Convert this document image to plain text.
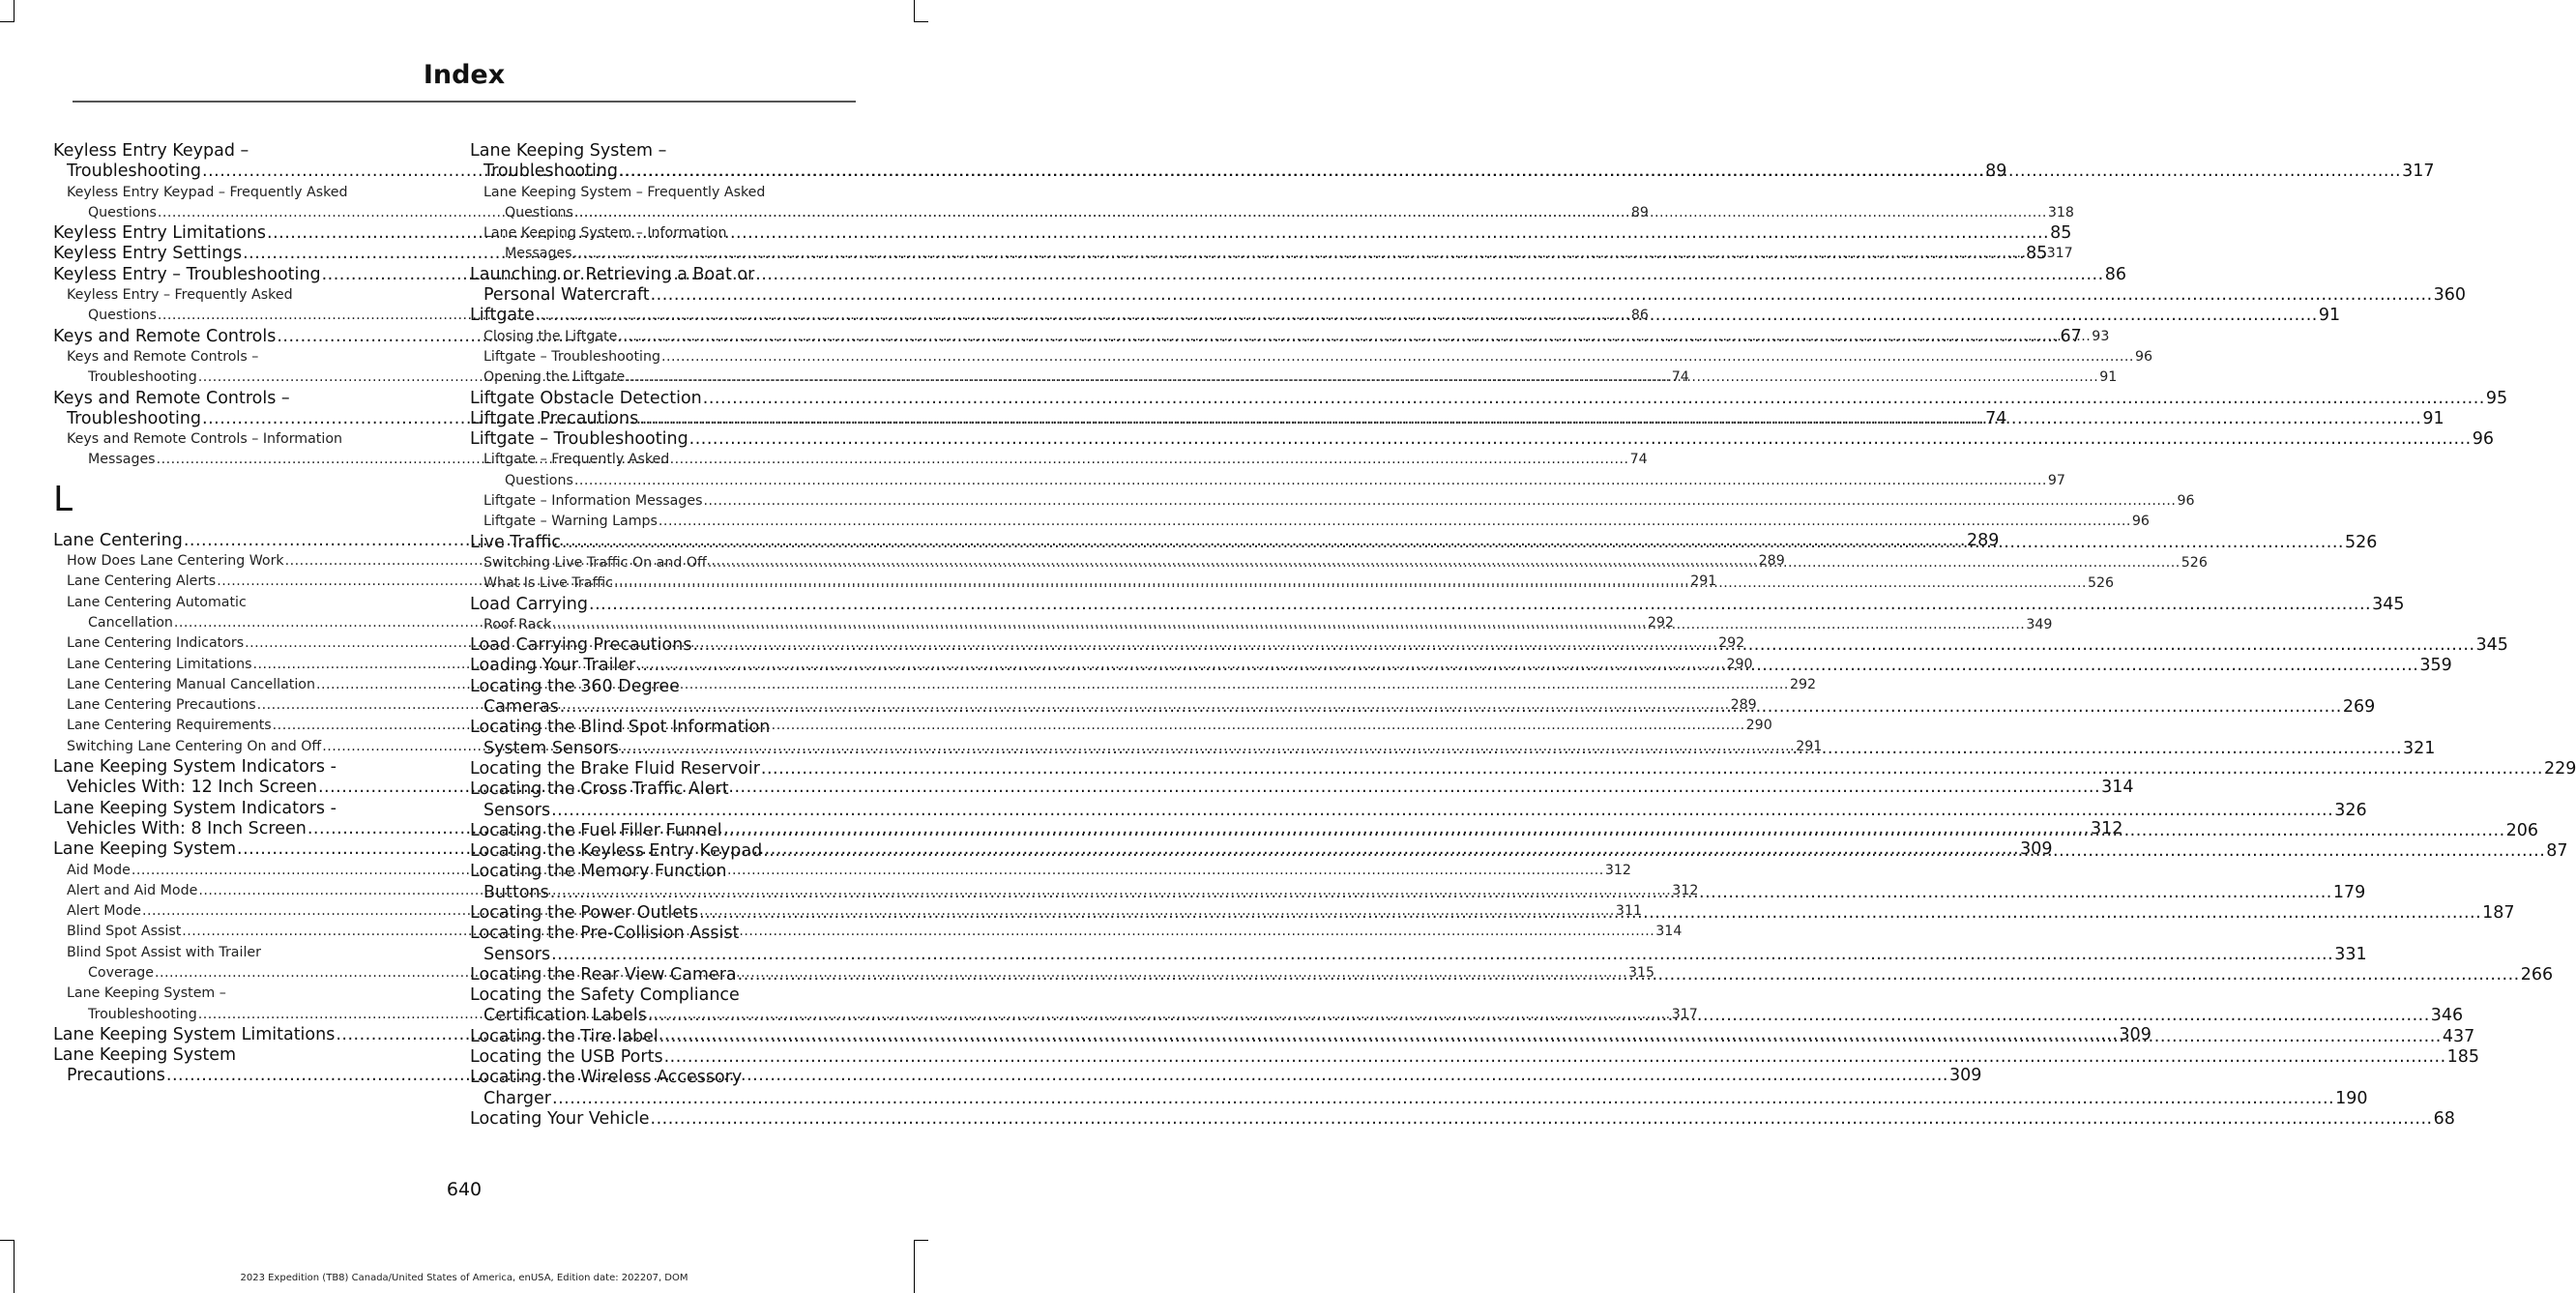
Index
Keyless Entry Keypad –
Troubleshooting .....	89
Keyless Entry Keypad – Frequently Asked
Questions .....	89
Keyless Entry Limitations .....	85
Keyless Entry Settings .....	85
Keyless Entry – Troubleshooting .....	86
Keyless Entry – Frequently Asked
Questions .....	86
Keys and Remote Controls .....	67
Keys and Remote Controls –
Troubleshooting .....	74
Keys and Remote Controls –
Troubleshooting .....	74
Keys and Remote Controls – Information
Messages .....	74
L
Lane Centering .....	289
How Does Lane Centering Work .....	289
Lane Centering Alerts .....	291
Lane Centering Automatic
Cancellation .....	292
Lane Centering Indicators .....	292
Lane Centering Limitations .....	290
Lane Centering Manual Cancellation .....	292
Lane Centering Precautions .....	289
Lane Centering Requirements .....	290
Switching Lane Centering On and Off .....	291
Lane Keeping System Indicators -
Vehicles With: 12 Inch Screen .....	314
Lane Keeping System Indicators -
Vehicles With: 8 Inch Screen .....	312
Lane Keeping System .....	309
Aid Mode .....	312
Alert and Aid Mode .....	312
Alert Mode .....	311
Blind Spot Assist .....	314
Blind Spot Assist with Trailer
Coverage .....	315
Lane Keeping System –
Troubleshooting .....	317
Lane Keeping System Limitations .....	309
Lane Keeping System
Precautions .....	309
Lane Keeping System –
Troubleshooting .....	317
Lane Keeping System – Frequently Asked
Questions .....	318
Lane Keeping System – Information
Messages .....	317
Launching or Retrieving a Boat or
Personal Watercraft .....	360
Liftgate .....	91
Closing the Liftgate .....	93
Liftgate – Troubleshooting .....	96
Opening the Liftgate .....	91
Liftgate Obstacle Detection .....	95
Liftgate Precautions .....	91
Liftgate – Troubleshooting .....	96
Liftgate – Frequently Asked
Questions .....	97
Liftgate – Information Messages .....	96
Liftgate – Warning Lamps .....	96
Live Traffic .....	526
Switching Live Traffic On and Off .....	526
What Is Live Traffic .....	526
Load Carrying .....	345
Roof Rack .....	349
Load Carrying Precautions .....	345
Loading Your Trailer .....	359
Locating the 360 Degree
Cameras .....	269
Locating the Blind Spot Information
System Sensors .....	321
Locating the Brake Fluid Reservoir .....	229
Locating the Cross Traffic Alert
Sensors .....	326
Locating the Fuel Filler Funnel .....	206
Locating the Keyless Entry Keypad .....	87
Locating the Memory Function
Buttons .....	179
Locating the Power Outlets .....	187
Locating the Pre-Collision Assist
Sensors .....	331
Locating the Rear View Camera .....	266
Locating the Safety Compliance
Certification Labels .....	346
Locating the Tire label .....	437
Locating the USB Ports .....	185
Locating the Wireless Accessory
Charger .....	190
Locating Your Vehicle .....	68
640
2023 Expedition (TB8) Canada/United States of America, enUSA, Edition date: 202207, DOM
